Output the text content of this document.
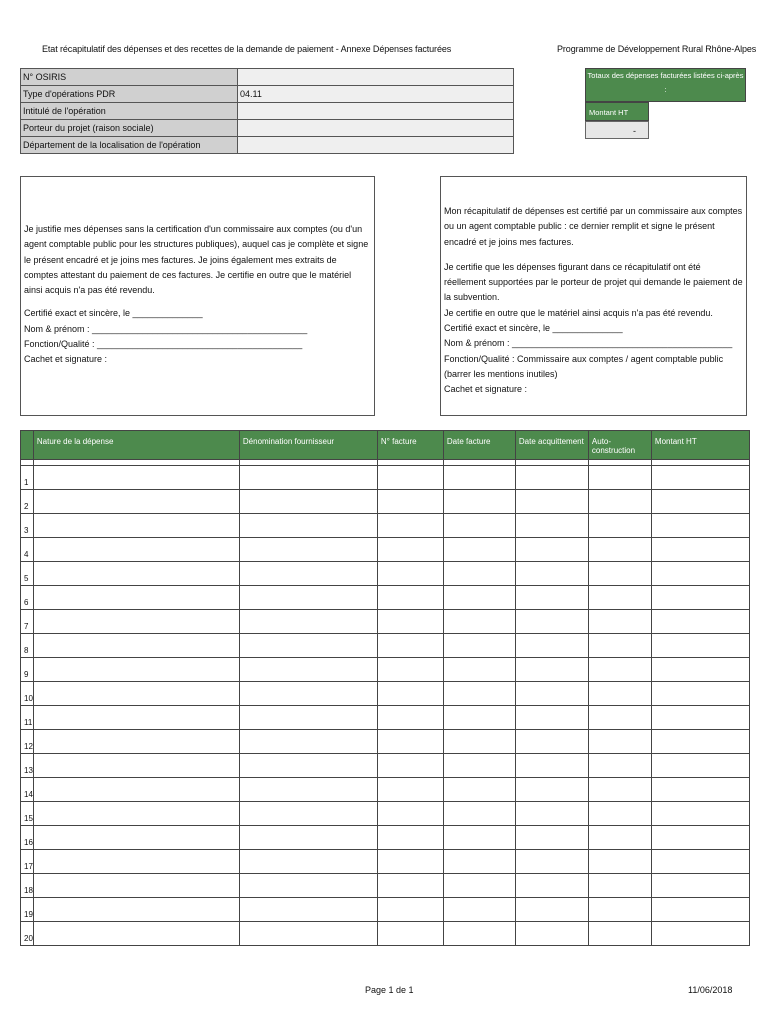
Etat récapitulatif des dépenses et des recettes de la demande de paiement - Annexe Dépenses facturées	Programme de Développement Rural Rhône-Alpes
N° OSIRIS	
Type d'opérations PDR	04.11
Intitulé de l'opération	
Porteur du projet (raison sociale)	
Département de la localisation de l'opération	
Totaux des dépenses facturées listées ci-après :
Montant HT
-

Je justifie mes dépenses sans la certification d'un commissaire aux comptes (ou d'un agent comptable public pour les structures publiques), auquel cas je complète et signe le présent encadré et je joins mes factures. Je joins également mes extraits de comptes attestant du paiement de ces factures. Je certifie en outre que le matériel ainsi acquis n'a pas été revendu.

Certifié exact et sincère, le ______________

Nom & prénom : ___________________________________________

Fonction/Qualité : _________________________________________

Cachet et signature :

Mon récapitulatif de dépenses est certifié par un commissaire aux comptes ou un agent comptable public : ce dernier remplit et signe le présent encadré et je joins mes factures.

Je certifie que les dépenses figurant dans ce récapitulatif ont été réellement supportées par le porteur de projet qui demande le paiement de la subvention.

Je certifie en outre que le matériel ainsi acquis n'a pas été revendu.

Certifié exact et sincère, le ______________

Nom & prénom : ____________________________________________

Fonction/Qualité : Commissaire aux comptes / agent comptable public (barrer les mentions inutiles)

Cachet et signature :

	Nature de la dépense	Dénomination fournisseur	N° facture	Date facture	Date acquittement	Auto-construction	Montant HT

1							
2							
3							
4							
5							
6							
7							
8							
9							
10							
11							
12							
13							
14							
15							
16							
17							
18							
19							
20							
Page 1 de 1	11/06/2018
